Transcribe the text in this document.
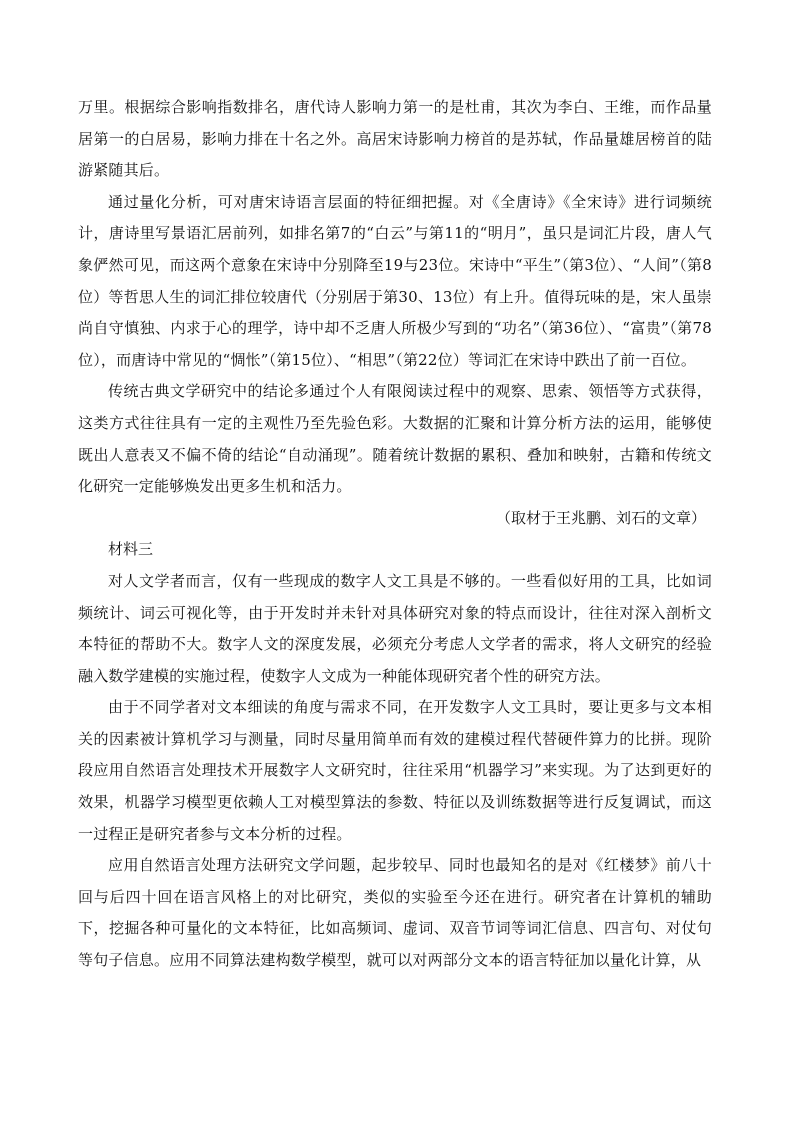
万里。根据综合影响指数排名，唐代诗人影响力第一的是杜甫，其次为李白、王维，而作品量居第一的白居易，影响力排在十名之外。高居宋诗影响力榜首的是苏轼，作品量雄居榜首的陆游紧随其后。

通过量化分析，可对唐宋诗语言层面的特征细把握。对《全唐诗》《全宋诗》进行词频统计，唐诗里写景语汇居前列，如排名第7的“白云”与第11的“明月”，虽只是词汇片段，唐人气象俨然可见，而这两个意象在宋诗中分别降至19与23位。宋诗中“平生”（第3位）、“人间”（第8位）等哲思人生的词汇排位较唐代（分别居于第30、13位）有上升。值得玩味的是，宋人虽崇尚自守慎独、内求于心的理学，诗中却不乏唐人所极少写到的“功名”（第36位）、“富贵”（第78位），而唐诗中常见的“惆怅”（第15位）、“相思”（第22位）等词汇在宋诗中跌出了前一百位。

传统古典文学研究中的结论多通过个人有限阅读过程中的观察、思索、领悟等方式获得，这类方式往往具有一定的主观性乃至先验色彩。大数据的汇聚和计算分析方法的运用，能够使既出人意表又不偏不倚的结论“自动涌现”。随着统计数据的累积、叠加和映射，古籍和传统文化研究一定能够焕发出更多生机和活力。

（取材于王兆鹏、刘石的文章）

材料三

对人文学者而言，仅有一些现成的数字人文工具是不够的。一些看似好用的工具，比如词频统计、词云可视化等，由于开发时并未针对具体研究对象的特点而设计，往往对深入剖析文本特征的帮助不大。数字人文的深度发展，必须充分考虑人文学者的需求，将人文研究的经验融入数学建模的实施过程，使数字人文成为一种能体现研究者个性的研究方法。

由于不同学者对文本细读的角度与需求不同，在开发数字人文工具时，要让更多与文本相关的因素被计算机学习与测量，同时尽量用简单而有效的建模过程代替硬件算力的比拼。现阶段应用自然语言处理技术开展数字人文研究时，往往采用“机器学习”来实现。为了达到更好的效果，机器学习模型更依赖人工对模型算法的参数、特征以及训练数据等进行反复调试，而这一过程正是研究者参与文本分析的过程。

应用自然语言处理方法研究文学问题，起步较早、同时也最知名的是对《红楼梦》前八十回与后四十回在语言风格上的对比研究，类似的实验至今还在进行。研究者在计算机的辅助下，挖掘各种可量化的文本特征，比如高频词、虚词、双音节词等词汇信息、四言句、对仗句等句子信息。应用不同算法建构数学模型，就可以对两部分文本的语言特征加以量化计算，从
